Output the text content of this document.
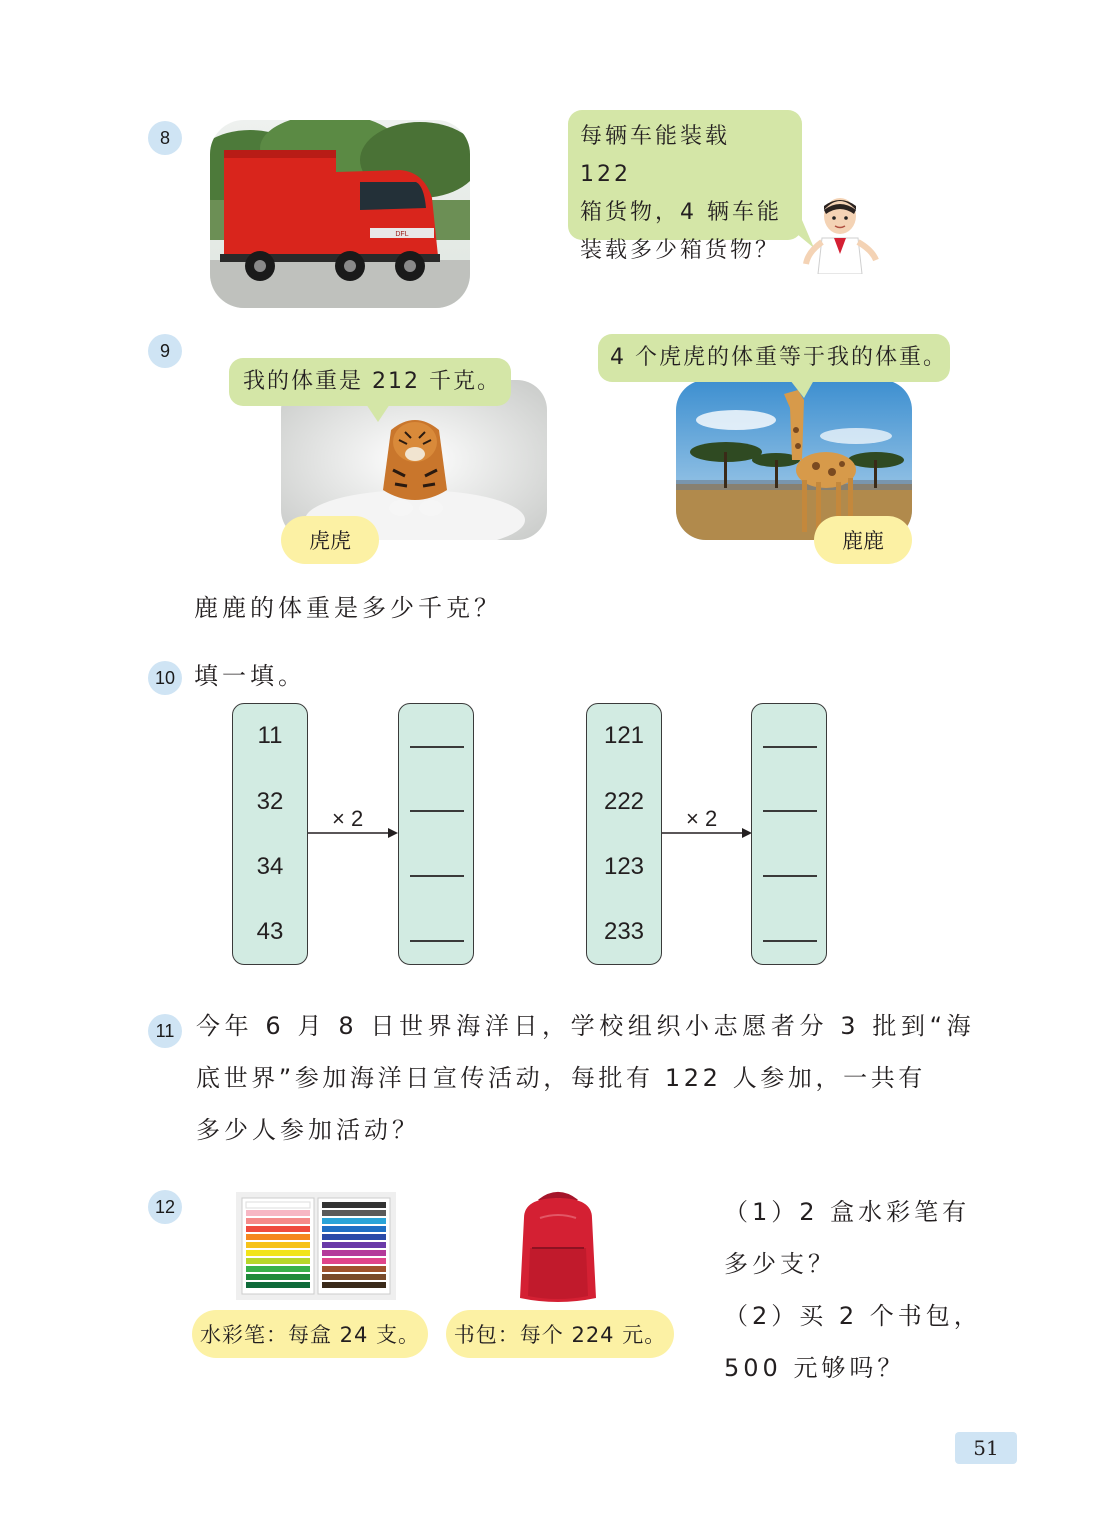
8
DFL
每辆车能装载 122
箱货物，4 辆车能
装载多少箱货物？
9
我的体重是 212 千克。
虎虎
4 个虎虎的体重等于我的体重。
鹿鹿
鹿鹿的体重是多少千克？
10 填一填。
11
32
34
43
× 2
121
222
123
233
× 2
11 今年 6 月 8 日世界海洋日，学校组织小志愿者分 3 批到“海
底世界”参加海洋日宣传活动，每批有 122 人参加，一共有
多少人参加活动？
12
水彩笔：每盒 24 支。	书包：每个 224 元。
（1）2 盒水彩笔有
多少支？
（2）买 2 个书包，
500 元够吗？
51
